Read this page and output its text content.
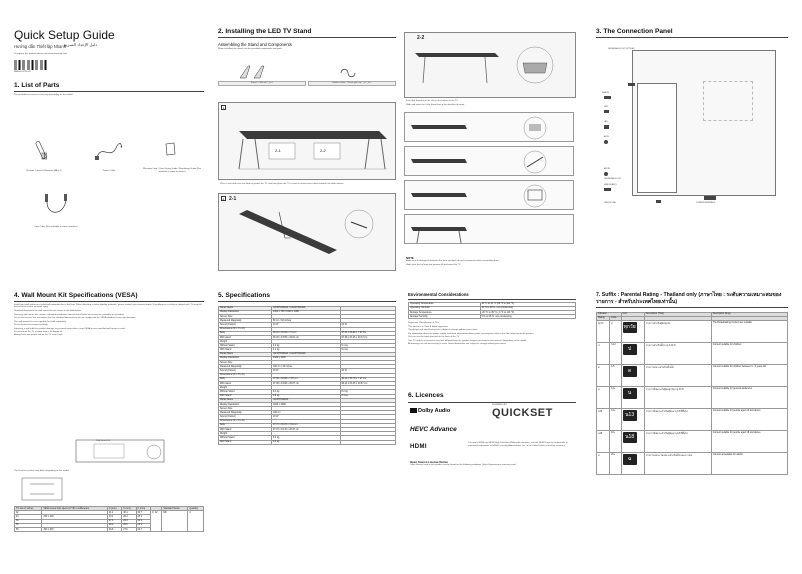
Quick Setup Guide
Hướng dẫn Thiết lập Nhanh
دليل الإعداد السريع
To register this product please visit www.samsung.com
BN68-14478L-00
1. List of Parts
The provided accessories may vary depending on the model.
Remote Control & Batteries (AA x 2)	Power Cable
Warranty Card / Quick Setup Guide / Regulatory Guide (Not available in some locations)
Data Cable (Not available in some locations)
2. Installing the LED TV Stand
Assembling the Stand and Components
When installing the stand, use the provided components and parts.
Stand / Chân đế / حامل	Holder-Cable / Thanh giữ cáp / حامل كبل
1
2-1	2-2
Place a soft cloth over the table to protect the TV, and then place the TV so that its screen faces down towards the table surface.
2 2-1
2-2
Insert the Stands into the slot on the bottom of the TV.
Slide and insert the 4 the Stand foot in the direction of arrow.
NOTE
Make sure to distinguish between the front and back of each component when assembling them.
Make sure that at least two persons lift and move the TV.
3. The Connection Panel
DIGITAL AUDIO OUT (OPTICAL)
HDMI IN
USB
LAN
AV IN
ANT IN
DIGITAL AUDIO OUT
HDMI IN (ARC)
USB (5V 0.5A)	COMMON INTERFACE
4. Wall Mount Kit Specifications (VESA)
Install your wall mount on a solid wall perpendicular to the floor. When attaching to other building materials, please contact your nearest dealer. If installing on a ceiling or slanted wall, TV may fall and result in severe personal injury.
Standard dimensions for wall mount kits are shown in the table below.
Samsung wall mount kits contain a detailed installation manual and all parts necessary for assembly are provided.
Do not use screws that are longer than the standard dimension or do not comply with the VESA standard screw specifications.
The wall mount kit is not supplied, but sold separately.
Do not fasten the screws too firmly.
Samsung is not liable for product damage or personal injury when a non-VESA or non-specified wall mount is used.
Do not mount the TV at more than a 15 degree tilt.
Always have two people mount the TV onto a wall.
Wall Mount Kit
The B value in phase may differ depending on the model.
TV size in inches	VESA screw hole specs (A * B) in millimeters	C (mm)	C (mm)	C (mm)		Standard Screw	Quantity
32		41.2	36.1	30.7	C: 22	M8	4
43	200 x 200	40.2	29.4	25.2			
50		27.4	29.3	24.9			
55		26.0	26.0	24.9			
65	300 x 300	40.6	27.6	24.7			
5. Specifications
Model Name	UA32T4300AK / UA32T4310AK	
Display Resolution	1366 x 768 / 1920 x 1080	
Screen Size		
Measured Diagonally	80 cm / 32 inches	
Sound (Output)	10 W	20 W
Dimensions (W x H x D)		
Body	96.25 x 56.99 x 7.9 cm	97.68 x 56.86 x 7.97 cm
With stand	96.25 x 63.55 x 19.81 cm	97.68 x 63.45 x 20.37 cm
Weight		
Without Stand	4.0 kg	5.1 kg
With Stand	4.1 kg	5.2 kg
Model Name	UA43T5300AK / UA43T5310AK	
Display Resolution	1920 x 1080	
Screen Size		
Measured Diagonally	108 cm / 43 inches	
Sound (Output)	20 W	20 W
Dimensions (W x H x D)		
Body	97.08 x 56.88 x 7.87 cm	96.23 x 56.78 x 7.97 cm
With stand	97.08 x 63.88 x 20.87 cm	96.23 x 63.45 x 20.87 cm
Weight		
Without Stand	8.4 kg	8.2 kg
With Stand	8.6 kg	8.4 kg
Model Name	UA43T5400AK	
Display Resolution	1920 x 1080	
Screen Size		
Measured Diagonally	108 cm	
Sound (Output)	20 W	
Dimensions (W x H x D)		
Body	97.07 x 56.78 x 5.91 cm	
With Stand	97.07 x 63.40 x 20.87 cm	
Weight		
Without Stand	8.2 kg	
With Stand	8.4 kg	
Environmental Considerations
Operating Temperature	10 °C to 40 °C (50 °F to 104 °F)
Operating Humidity	10 % to 80 %, non-condensing
Storage Temperature	-20 °C to 45 °C (-4 °F to 113 °F)
Storage Humidity	5 % to 95 %, non-condensing
Dispersive Classification of TVs.
This device is a Class B digital apparatus.
The design and specifications are subject to change without prior notice.
For information about the power supply, and more information about power consumption, refer to the label attached to the product.
You can see the label attached on the back of the TV.
Your TV and its accessories may look different from the product images presented in this manual, depending on the model.
All drawings are not necessarily to scale. Some dimensions are subject to change without prior notice.
6. Licences
Dolby Audio
POWERED BY
QUICKSET
HEVC Advance
HDMI
The terms HDMI and HDMI High-Definition Multimedia Interface, and the HDMI Logo are trademarks or registered trademarks of HDMI Licensing Administrator, Inc. in the United States and other countries.
Open Source License Notice
Open Source used in this product can be found on the following webpage. (https://opensource.samsung.com)
7. Suffix : Parental Rating - Thailand only (ภาษาไทย : ระดับความเหมาะสมของรายการ - สำหรับประเทศไทยเท่านั้น)
Indicator		Icon	Description (Thai)	Description (Eng)
Rating	Code			
ทุกวัย	ท	ทุกวัย	รายการสำหรับผู้ชมทุกวัย	The Broadcasting Content are suitable
ป	3-12	ป	รายการสำหรับเด็กอายุ 3-12 ปี	Content suitable for children
ด	3-5	ด	รายการเหมาะสำหรับเด็กเล็ก	Content suitable for children between 3 - 5 years old
น	13+	น	รายการที่เหมาะกับผู้ชมทุกวัยอายุ 13 ปี	Content suitable for general audiences
น13	13+	น13	รายการที่เหมาะสำหรับผู้ชมอายุ 13 ปีขึ้นไป	Content suitable for people aged 13 and above
น18	18+	น18	รายการที่เหมาะสำหรับผู้ชมอายุ 18 ปีขึ้นไป	Content suitable for people aged 18 and above
ฉ	20+	ฉ	รายการเฉพาะ ไม่เหมาะสำหรับเด็กและเยาวชน	Content acceptable for adults
